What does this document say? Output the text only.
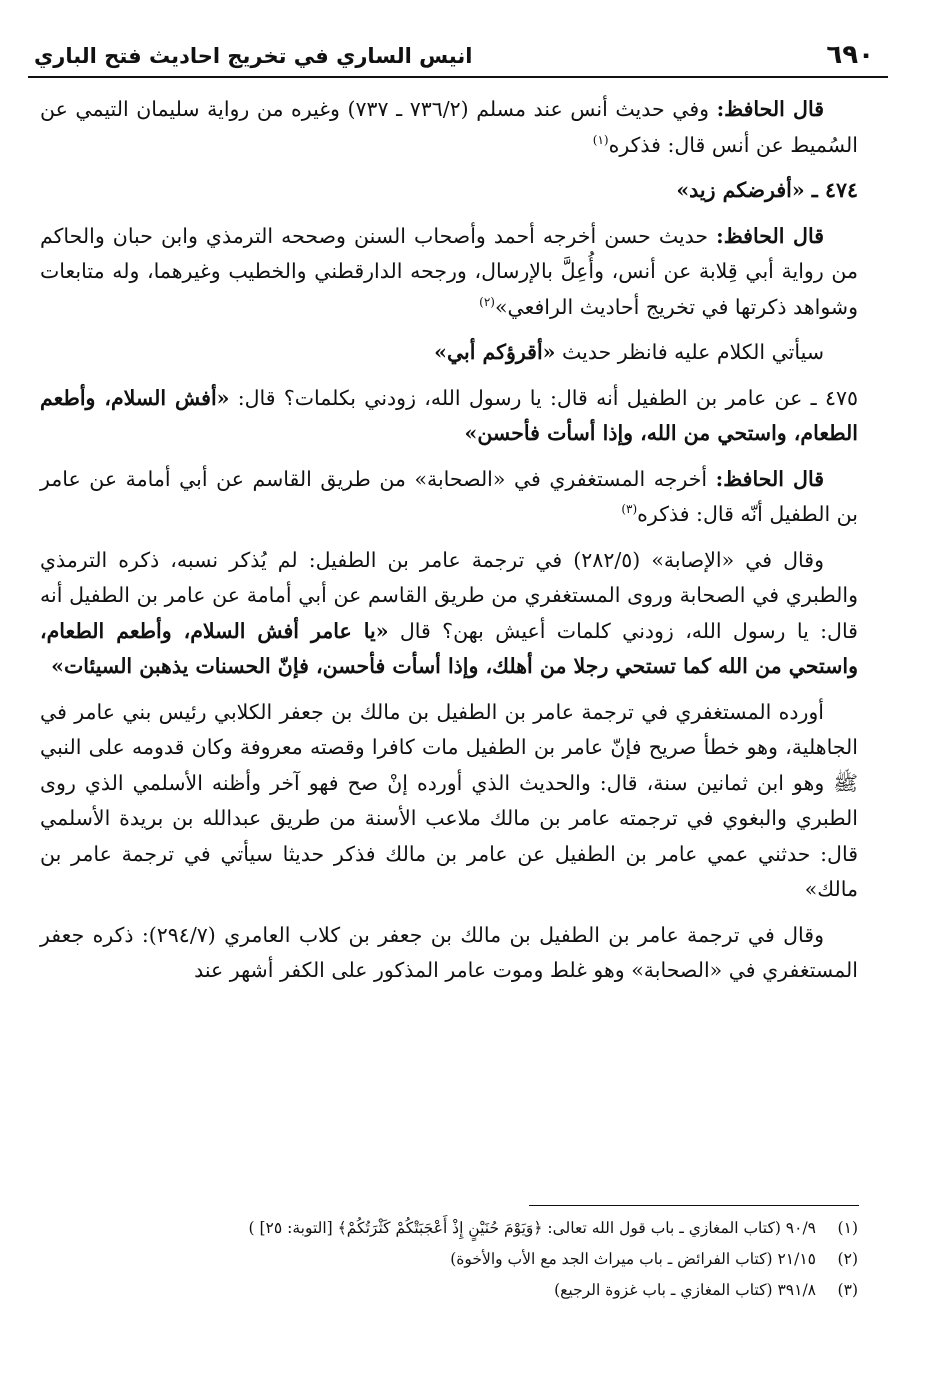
٦٩٠
انيس الساري في تخريج احاديث فتح الباري

قال الحافظ: وفي حديث أنس عند مسلم (٧٣٦/٢ ـ ٧٣٧) وغيره من رواية سليمان التيمي عن السُميط عن أنس قال: فذكره$^{(١)}$

٤٧٤ ـ «أفرضكم زيد»

قال الحافظ: حديث حسن أخرجه أحمد وأصحاب السنن وصححه الترمذي وابن حبان والحاكم من رواية أبي قِلابة عن أنس، وأُعِلَّ بالإرسال، ورجحه الدارقطني والخطيب وغيرهما، وله متابعات وشواهد ذكرتها في تخريج أحاديث الرافعي»$^{(٢)}$

سيأتي الكلام عليه فانظر حديث «أقرؤكم أبي»

٤٧٥ ـ عن عامر بن الطفيل أنه قال: يا رسول الله، زودني بكلمات؟ قال: «أفش السلام، وأطعم الطعام، واستحي من الله، وإذا أسأت فأحسن»

قال الحافظ: أخرجه المستغفري في «الصحابة» من طريق القاسم عن أبي أمامة عن عامر بن الطفيل أنّه قال: فذكره$^{(٣)}$

وقال في «الإصابة» (٢٨٢/٥) في ترجمة عامر بن الطفيل: لم يُذكر نسبه، ذكره الترمذي والطبري في الصحابة وروى المستغفري من طريق القاسم عن أبي أمامة عن عامر بن الطفيل أنه قال: يا رسول الله، زودني كلمات أعيش بهن؟ قال «يا عامر أفش السلام، وأطعم الطعام، واستحي من الله كما تستحي رجلا من أهلك، وإذا أسأت فأحسن، فإنّ الحسنات يذهبن السيئات»

أورده المستغفري في ترجمة عامر بن الطفيل بن مالك بن جعفر الكلابي رئيس بني عامر في الجاهلية، وهو خطأ صريح فإنّ عامر بن الطفيل مات كافرا وقصته معروفة وكان قدومه على النبي ﷺ وهو ابن ثمانين سنة، قال: والحديث الذي أورده إنْ صح فهو آخر وأظنه الأسلمي الذي روى الطبري والبغوي في ترجمته عامر بن مالك ملاعب الأسنة من طريق عبدالله بن بريدة الأسلمي قال: حدثني عمي عامر بن الطفيل عن عامر بن مالك فذكر حديثا سيأتي في ترجمة عامر بن مالك»

وقال في ترجمة عامر بن الطفيل بن مالك بن جعفر بن كلاب العامري (٢٩٤/٧): ذكره جعفر المستغفري في «الصحابة» وهو غلط وموت عامر المذكور على الكفر أشهر عند

(١)٩٠/٩ (كتاب المغازي ـ باب قول الله تعالى: ﴿وَيَوْمَ حُنَيْنٍ إِذْ أَعْجَبَتْكُمْ كَثْرَتُكُمْ﴾ [التوبة: ٢٥] )
(٢)٢١/١٥ (كتاب الفرائض ـ باب ميراث الجد مع الأب والأخوة)
(٣)٣٩١/٨ (كتاب المغازي ـ باب غزوة الرجيع)
